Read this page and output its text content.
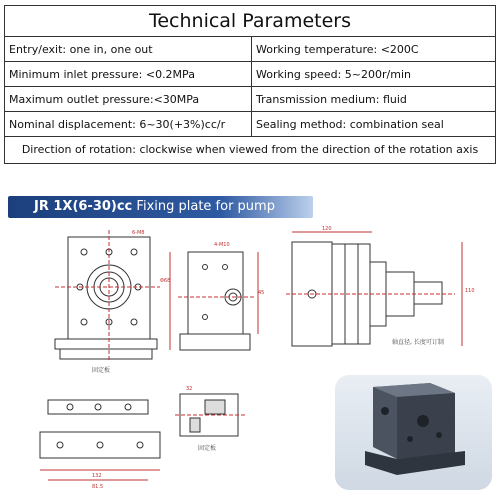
Technical Parameters	
Entry/exit: one in, one out	Working temperature: <200C
Minimum inlet pressure: <0.2MPa	Working speed: 5~200r/min
Maximum outlet pressure:<30MPa	Transmission medium: fluid
Nominal displacement: 6~30(+3%)cc/r	Sealing method: combination seal
Direction of rotation: clockwise when viewed from the direction of the rotation axis	
JR 1X(6-30)cc Fixing plate for pump
6-M8
4-M10
Φ68
120
110
132
81.5
45
32
轴直径, 长度可订制
固定板
固定板
